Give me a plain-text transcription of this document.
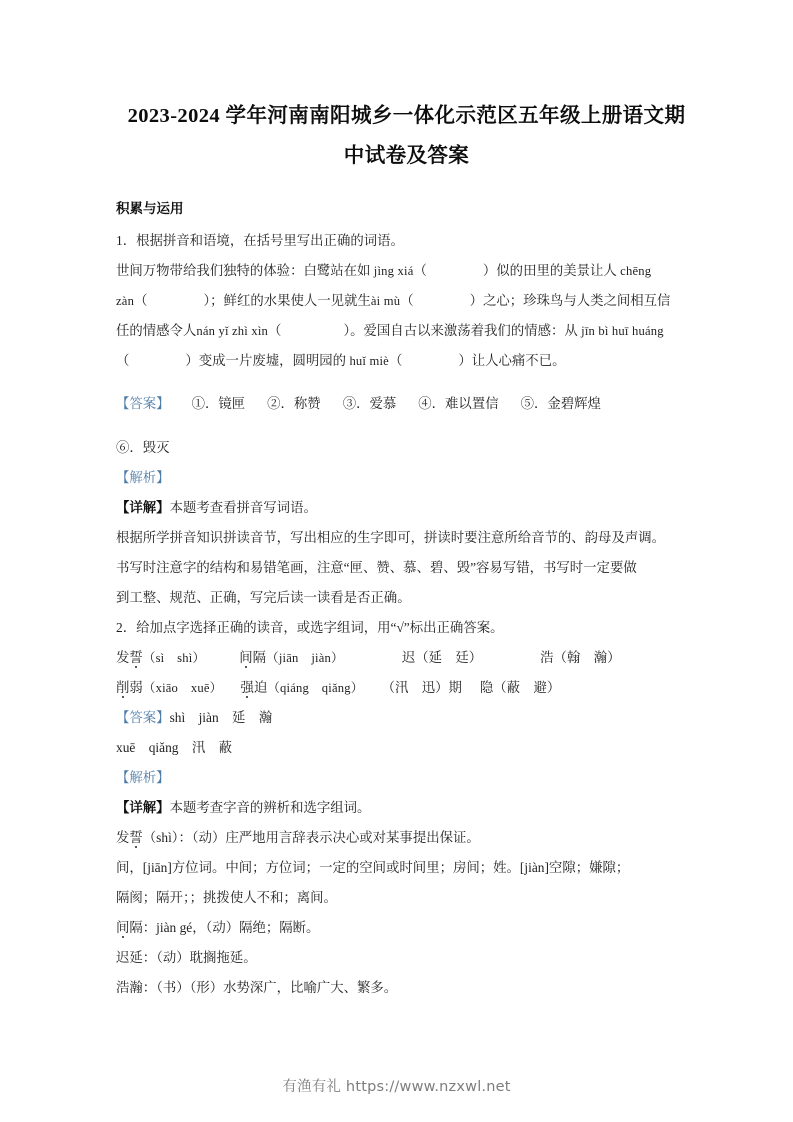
2023-2024 学年河南南阳城乡一体化示范区五年级上册语文期中试卷及答案
积累与运用

1．根据拼音和语境，在括号里写出正确的词语。

世间万物带给我们独特的体验：白鹭站在如 jìng xiá（	）似的田里的美景让人 chēng

zàn（	）；鲜红的水果使人一见就生ài mù（	）之心；珍珠鸟与人类之间相互信

任的情感令人nán yǐ zhì xìn（	）。爱国自古以来激荡着我们的情感：从 jīn bì huī huáng

（	）变成一片废墟，圆明园的 huǐ miè（	）让人心痛不已。

【答案】 ①．镜匣 ②．称赞 ③．爱慕 ④．难以置信 ⑤．金碧辉煌

⑥．毁灭

【解析】

【详解】本题考查看拼音写词语。

根据所学拼音知识拼读音节，写出相应的生字即可，拼读时要注意所给音节的、韵母及声调。

书写时注意字的结构和易错笔画，注意“匣、赞、慕、碧、毁”容易写错，书写时一定要做

到工整、规范、正确，写完后读一读看是否正确。

2．给加点字选择正确的读音，或选字组词，用“√”标出正确答案。

发誓（sì　shì）	间隔（jiān　jiàn）	迟（延　廷）	浩（翰　瀚）

削弱（xiāo　xuē） 强迫（qiáng　qiǎng） （汛　迅）期 隐（蔽　避）

【答案】shì　jiàn　延　瀚

xuē　qiǎng　汛　蔽

【解析】

【详解】本题考查字音的辨析和选字组词。

发誓（shì）：（动）庄严地用言辞表示决心或对某事提出保证。

间，[jiān]方位词。中间；方位词；一定的空间或时间里；房间；姓。[jiàn]空隙；嫌隙；

隔阂；隔开；；挑拨使人不和；离间。

间隔：jiàn gé，（动）隔绝；隔断。

迟延：（动）耽搁拖延。

浩瀚：（书）（形）水势深广，比喻广大、繁多。

有渔有礼 https://www.nzxwl.net
